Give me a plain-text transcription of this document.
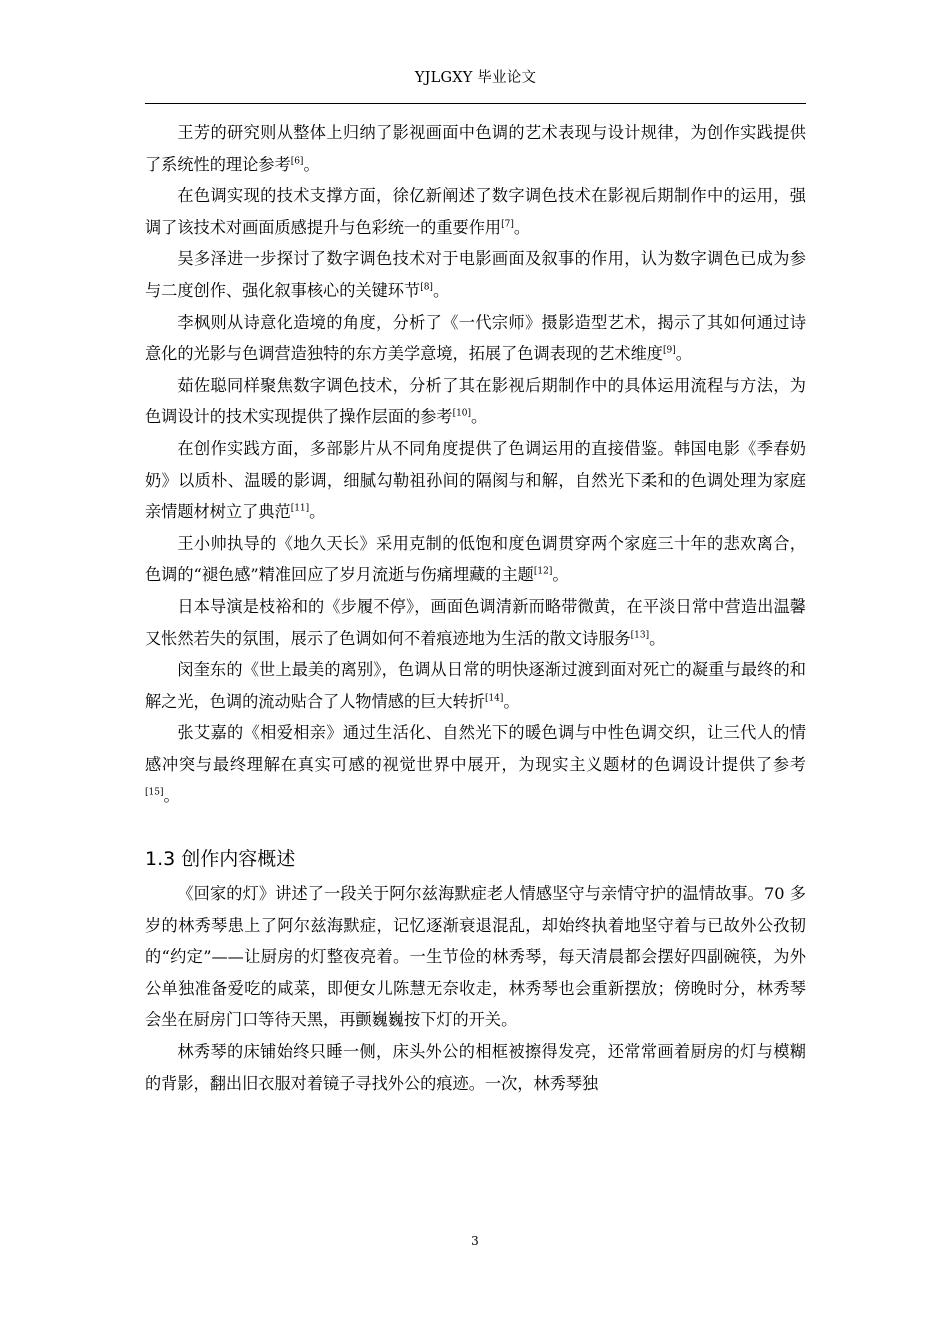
YJLGXY 毕业论文

王芳的研究则从整体上归纳了影视画面中色调的艺术表现与设计规律，为创作实践提供了系统性的理论参考[6]。

在色调实现的技术支撑方面，徐亿新阐述了数字调色技术在影视后期制作中的运用，强调了该技术对画面质感提升与色彩统一的重要作用[7]。

吴多泽进一步探讨了数字调色技术对于电影画面及叙事的作用，认为数字调色已成为参与二度创作、强化叙事核心的关键环节[8]。

李枫则从诗意化造境的角度，分析了《一代宗师》摄影造型艺术，揭示了其如何通过诗意化的光影与色调营造独特的东方美学意境，拓展了色调表现的艺术维度[9]。

茹佐聪同样聚焦数字调色技术，分析了其在影视后期制作中的具体运用流程与方法，为色调设计的技术实现提供了操作层面的参考[10]。

在创作实践方面，多部影片从不同角度提供了色调运用的直接借鉴。韩国电影《季春奶奶》以质朴、温暖的影调，细腻勾勒祖孙间的隔阂与和解，自然光下柔和的色调处理为家庭亲情题材树立了典范[11]。

王小帅执导的《地久天长》采用克制的低饱和度色调贯穿两个家庭三十年的悲欢离合，色调的“褪色感”精准回应了岁月流逝与伤痛埋藏的主题[12]。

日本导演是枝裕和的《步履不停》，画面色调清新而略带微黄，在平淡日常中营造出温馨又怅然若失的氛围，展示了色调如何不着痕迹地为生活的散文诗服务[13]。

闵奎东的《世上最美的离别》，色调从日常的明快逐渐过渡到面对死亡的凝重与最终的和解之光，色调的流动贴合了人物情感的巨大转折[14]。

张艾嘉的《相爱相亲》通过生活化、自然光下的暖色调与中性色调交织，让三代人的情感冲突与最终理解在真实可感的视觉世界中展开，为现实主义题材的色调设计提供了参考[15]。

1.3 创作内容概述

《回家的灯》讲述了一段关于阿尔兹海默症老人情感坚守与亲情守护的温情故事。70 多岁的林秀琴患上了阿尔兹海默症，记忆逐渐衰退混乱，却始终执着地坚守着与已故外公孜韧的“约定”——让厨房的灯整夜亮着。一生节俭的林秀琴，每天清晨都会摆好四副碗筷，为外公单独准备爱吃的咸菜，即便女儿陈慧无奈收走，林秀琴也会重新摆放；傍晚时分，林秀琴会坐在厨房门口等待天黑，再颤巍巍按下灯的开关。

林秀琴的床铺始终只睡一侧，床头外公的相框被擦得发亮，还常常画着厨房的灯与模糊的背影，翻出旧衣服对着镜子寻找外公的痕迹。一次，林秀琴独

3
